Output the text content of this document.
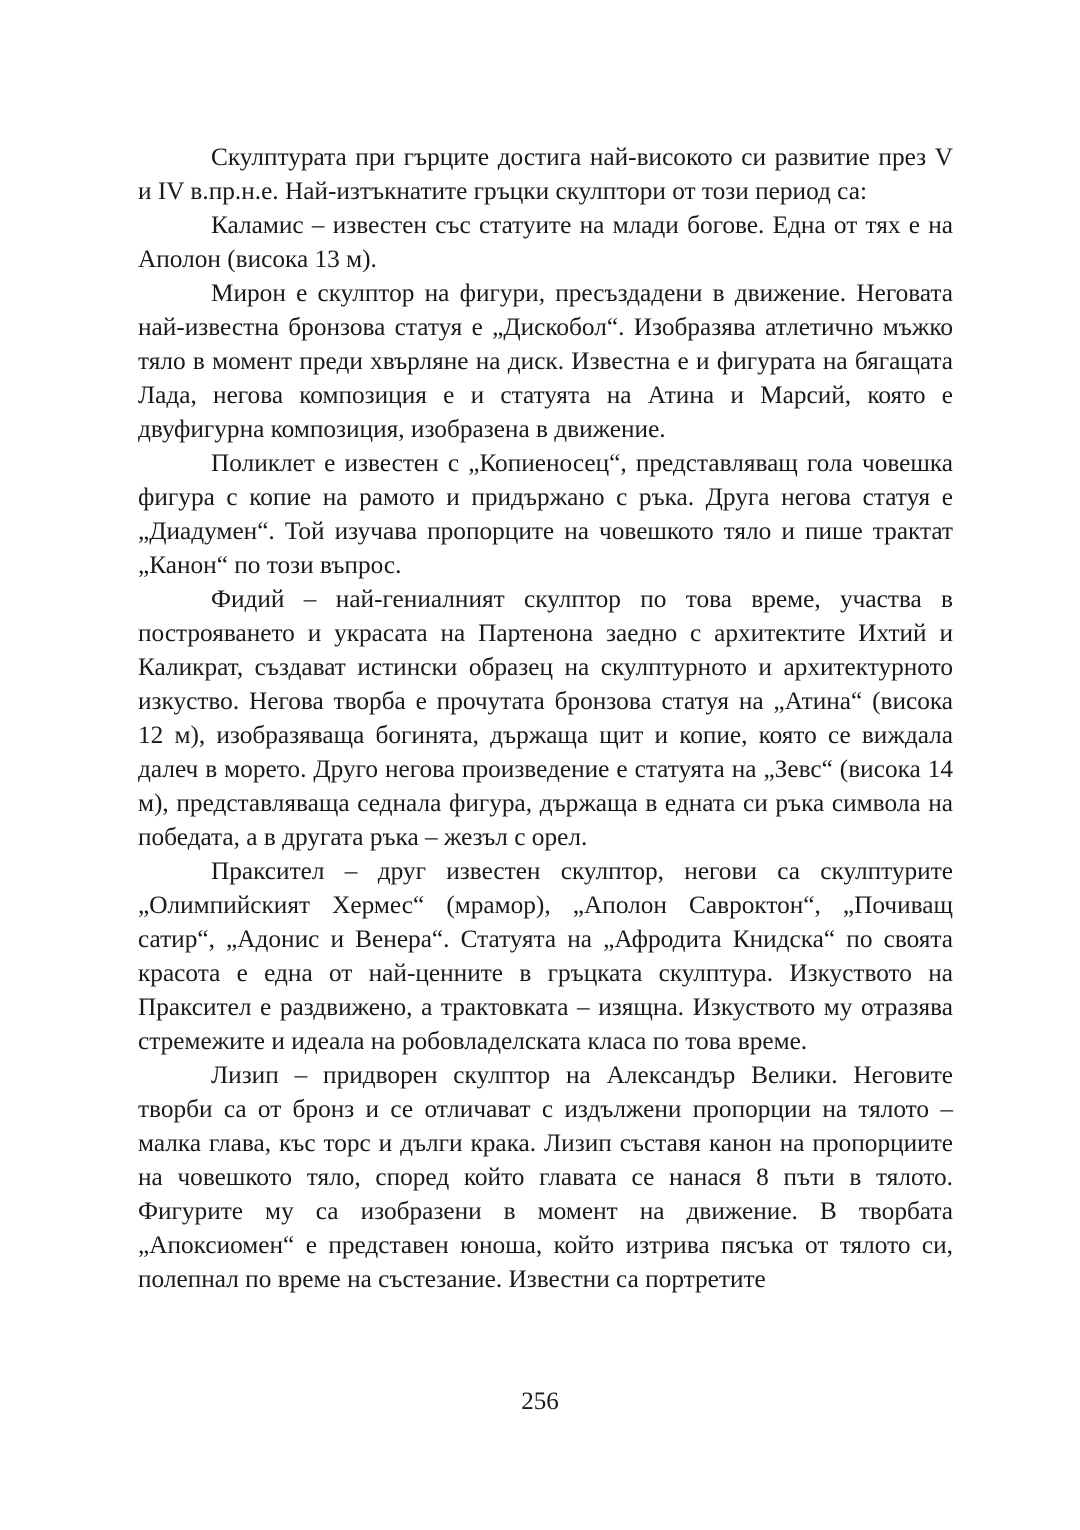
Скулптурата при гърците достига най-високото си развитие през V и IV в.пр.н.е. Най-изтъкнатите гръцки скулптори от този период са:

Каламис – известен със статуите на млади богове. Една от тях е на Аполон (висока 13 м).

Мирон е скулптор на фигури, пресъздадени в движение. Неговата най-известна бронзова статуя е „Дискобол“. Изобразява атлетично мъжко тяло в момент преди хвърляне на диск. Известна е и фигурата на бягащата Лада, негова композиция е и статуята на Атина и Марсий, която е двуфигурна композиция, изобразена в движение.

Поликлет е известен с „Копиеносец“, представляващ гола човешка фигура с копие на рамото и придържано с ръка. Друга негова статуя е „Диадумен“. Той изучава пропорците на човешкото тяло и пише трактат „Канон“ по този въпрос.

Фидий – най-гениалният скулптор по това време, участва в построяването и украсата на Партенона заедно с архитектите Ихтий и Каликрат, създават истински образец на скулптурното и архитектурното изкуство. Негова творба е прочутата бронзова статуя на „Атина“ (висока 12 м), изобразяваща богинята, държаща щит и копие, която се виждала далеч в морето. Друго негова произведение е статуята на „Зевс“ (висока 14 м), представляваща седнала фигура, държаща в едната си ръка символа на победата, а в другата ръка – жезъл с орел.

Пракситeл – друг известен скулптор, негови са скулптурите „Олимпийският Хермес“ (мрамор), „Аполон Савроктон“, „Почиващ сатир“, „Адонис и Венера“. Статуята на „Афродита Книдска“ по своята красота е една от най-ценните в гръцката скулптура. Изкуството на Пракситeл е раздвижено, а трактовката – изящна. Изкуството му отразява стремежите и идеала на робовладелската класа по това време.

Лизип – придворен скулптор на Александър Велики. Неговите творби са от бронз и се отличават с издължени пропорции на тялото – малка глава, къс торс и дълги крака. Лизип съставя канон на пропорциите на човешкото тяло, според който главата се нанася 8 пъти в тялото. Фигурите му са изобразени в момент на движение. В творбата „Апоксиомен“ е представен юноша, който изтрива пясъка от тялото си, полепнал по време на състезание. Известни са портретите

256
